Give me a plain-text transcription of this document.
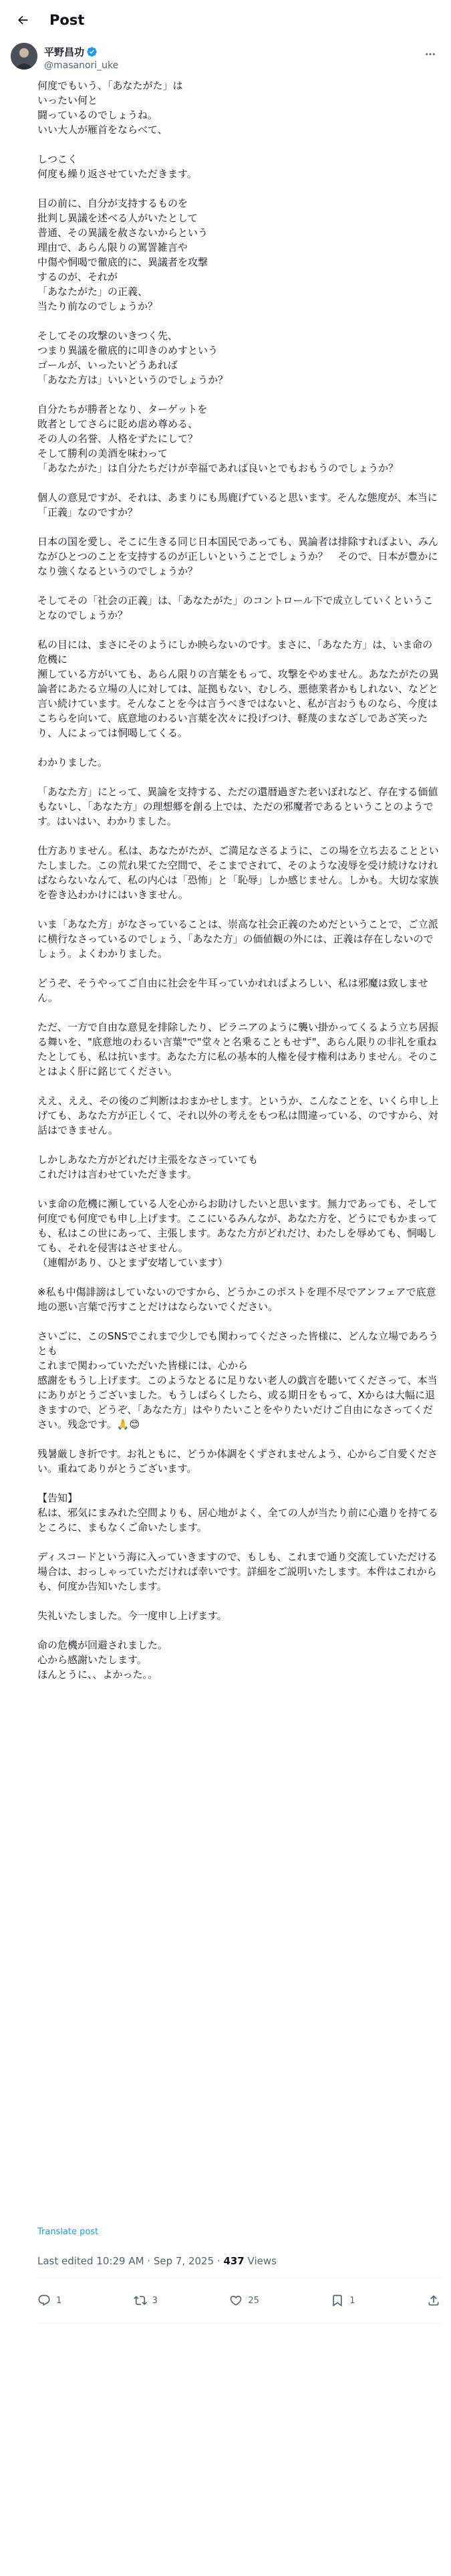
Post
平野昌功
@masanori_uke

何度でもいう、「あなたがた」は
いったい何と
闘っているのでしょうね。
いい大人が雁首をならべて、

しつこく
何度も繰り返させていただきます。

目の前に、自分が支持するものを
批判し異議を述べる人がいたとして
普通、その異議を赦さないからという
理由で、あらん限りの罵詈雑言や
中傷や恫喝で徹底的に、異議者を攻撃
するのが、それが
「あなたがた」の正義、
当たり前なのでしょうか？

そしてその攻撃のいきつく先、
つまり異議を徹底的に叩きのめすという
ゴールが、いったいどうあれば
「あなた方は」いいというのでしょうか？

自分たちが勝者となり、ターゲットを
敗者としてさらに貶め虐め尊める、
その人の名誉、人格をずたにして？
そして勝利の美酒を味わって
「あなたがた」は自分たちだけが幸福であれば良いとでもおもうのでしょうか？

個人の意見ですが、それは、あまりにも馬鹿げていると思います。そんな態度が、本当に「正義」なのですか？

日本の国を愛し、そこに生きる同じ日本国民であっても、異論者は排除すればよい、みんながひとつのことを支持するのが正しいということでしょうか？　そので、日本が豊かになり強くなるというのでしょうか？

そしてその「社会の正義」は、「あなたがた」のコントロール下で成立していくということなのでしょうか？

私の目には、まさにそのようにしか映らないのです。まさに、「あなた方」は、いま命の危機に
瀕している方がいても、あらん限りの言葉をもって、攻撃をやめません。あなたがたの異論者にあたる立場の人に対しては、証拠もない、むしろ、悪徳業者かもしれない、などと言い続けています。そんなことを今は言うべきではないと、私が言おうものなら、今度はこちらを向いて、底意地のわるい言葉を次々に投げつけ、軽蔑のまなざしであざ笑ったり、人によっては恫喝してくる。

わかりました。

「あなた方」にとって、異論を支持する、ただの還暦過ぎた老いぼれなど、存在する価値もないし、「あなた方」の理想郷を創る上では、ただの邪魔者であるということのようです。はいはい、わかりました。

仕方ありません。私は、あなたがたが、ご満足なさるように、この場を立ち去ることといたしました。この荒れ果てた空間で、そこまでされて、そのような凌辱を受け続けなければならないなんて、私の内心は「恐怖」と「恥辱」しか感じません。しかも。大切な家族を巻き込わかけにはいきません。

いま「あなた方」がなさっていることは、崇高な社会正義のためだということで、ご立派に横行なさっているのでしょう、「あなた方」の価値観の外には、正義は存在しないのでしょう。よくわかりました。

どうぞ、そうやってご自由に社会を牛耳っていかれればよろしい、私は邪魔は致しません。

ただ、一方で自由な意見を排除したり、ピラニアのように襲い掛かってくるよう立ち居振る舞いを、"底意地のわるい言葉"で"堂々と名乗ることもせず"、あらん限りの非礼を重ねたとしても、私は抗います。あなた方に私の基本的人権を侵す権利はありません。そのことはよく肝に銘じてください。

ええ、ええ、その後のご判断はおまかせします。というか、こんなことを、いくら申し上げても、あなた方が正しくて、それ以外の考えをもつ私は間違っている、のですから、対話はできません。

しかしあなた方がどれだけ主張をなさっていても
これだけは言わせていただきます。

いま命の危機に瀕している人を心からお助けしたいと思います。無力であっても、そして何度でも何度でも申し上げます。ここにいるみんなが、あなた方を、どうにでもかまっても、私はこの世にあって、主張します。あなた方がどれだけ、わたしを辱めても、恫喝しても、それを侵害はさせません。
（連帽があり、ひとまず安堵しています）

※私も中傷誹謗はしていないのですから、どうかこのポストを理不尽でアンフェアで底意地の悪い言葉で汚すことだけはならないでください。

さいごに、このSNSでこれまで少しでも関わってくださった皆様に、どんな立場であろうとも
これまで関わっていただいた皆様には、心から
感謝をもうし上げます。このようなとるに足りない老人の戯言を聴いてくださって、本当にありがとうございました。もうしばらくしたら、或る期日をもって、Xからは大幅に退きますので、どうぞ、「あなた方」はやりたいことをやりたいだけご自由になさってください。残念です。🙏😊

残暑厳しき折です。お礼ともに、どうか体調をくずされませんよう、心からご自愛ください。重ねてありがとうございます。

【告知】
私は、邪気にまみれた空間よりも、居心地がよく、全ての人が当たり前に心遣りを持てるところに、まもなくご命いたします。

ディスコードという海に入っていきますので、もしも、これまで通り交流していただける場合は、おっしゃっていただければ幸いです。詳細をご説明いたします。本件はこれからも、何度か告知いたします。

失礼いたしました。今一度申し上げます。

命の危機が回避されました。
心から感謝いたします。
ほんとうに、、よかった。。

Translate post
Last edited 10:29 AM · Sep 7, 2025 · 437 Views
1	3	25	1
